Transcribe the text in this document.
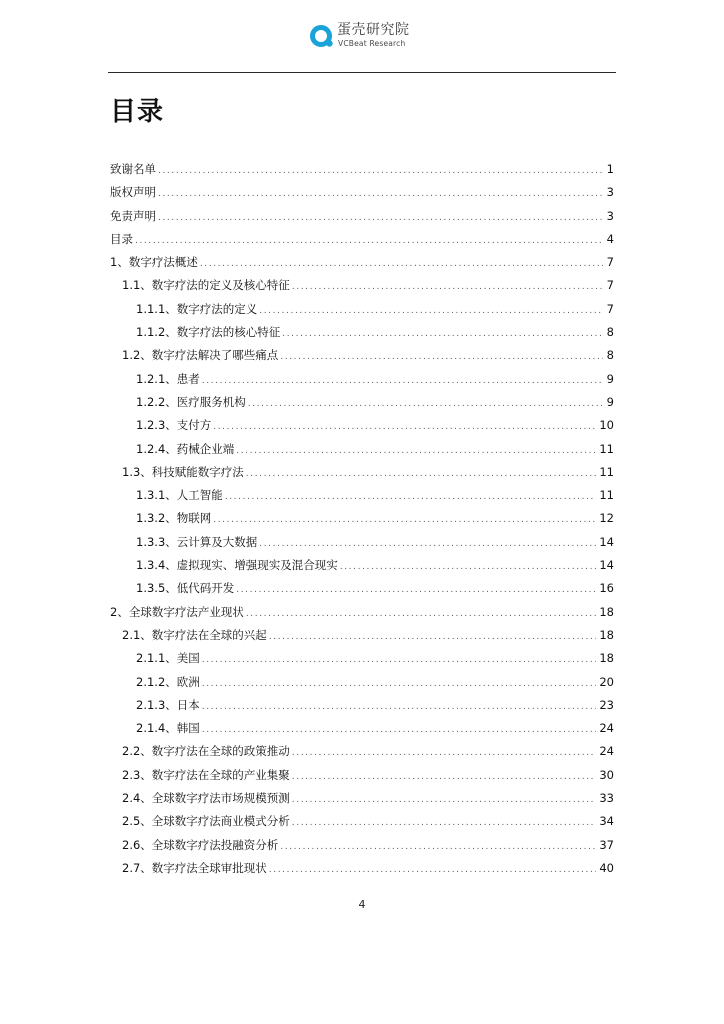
蛋壳研究院
VCBeat Research
目录
致谢名单 .....	1
版权声明 .....	3
免责声明 .....	3
目录 .....	4
1、数字疗法概述 .....	7
1.1、数字疗法的定义及核心特征 .....	7
1.1.1、数字疗法的定义 .....	7
1.1.2、数字疗法的核心特征 .....	8
1.2、数字疗法解决了哪些痛点 .....	8
1.2.1、患者 .....	9
1.2.2、医疗服务机构 .....	9
1.2.3、支付方 .....	10
1.2.4、药械企业端 .....	11
1.3、科技赋能数字疗法 .....	11
1.3.1、人工智能 .....	11
1.3.2、物联网 .....	12
1.3.3、云计算及大数据 .....	14
1.3.4、虚拟现实、增强现实及混合现实 .....	14
1.3.5、低代码开发 .....	16
2、全球数字疗法产业现状 .....	18
2.1、数字疗法在全球的兴起 .....	18
2.1.1、美国 .....	18
2.1.2、欧洲 .....	20
2.1.3、日本 .....	23
2.1.4、韩国 .....	24
2.2、数字疗法在全球的政策推动 .....	24
2.3、数字疗法在全球的产业集聚 .....	30
2.4、全球数字疗法市场规模预测 .....	33
2.5、全球数字疗法商业模式分析 .....	34
2.6、全球数字疗法投融资分析 .....	37
2.7、数字疗法全球审批现状 .....	40
4
